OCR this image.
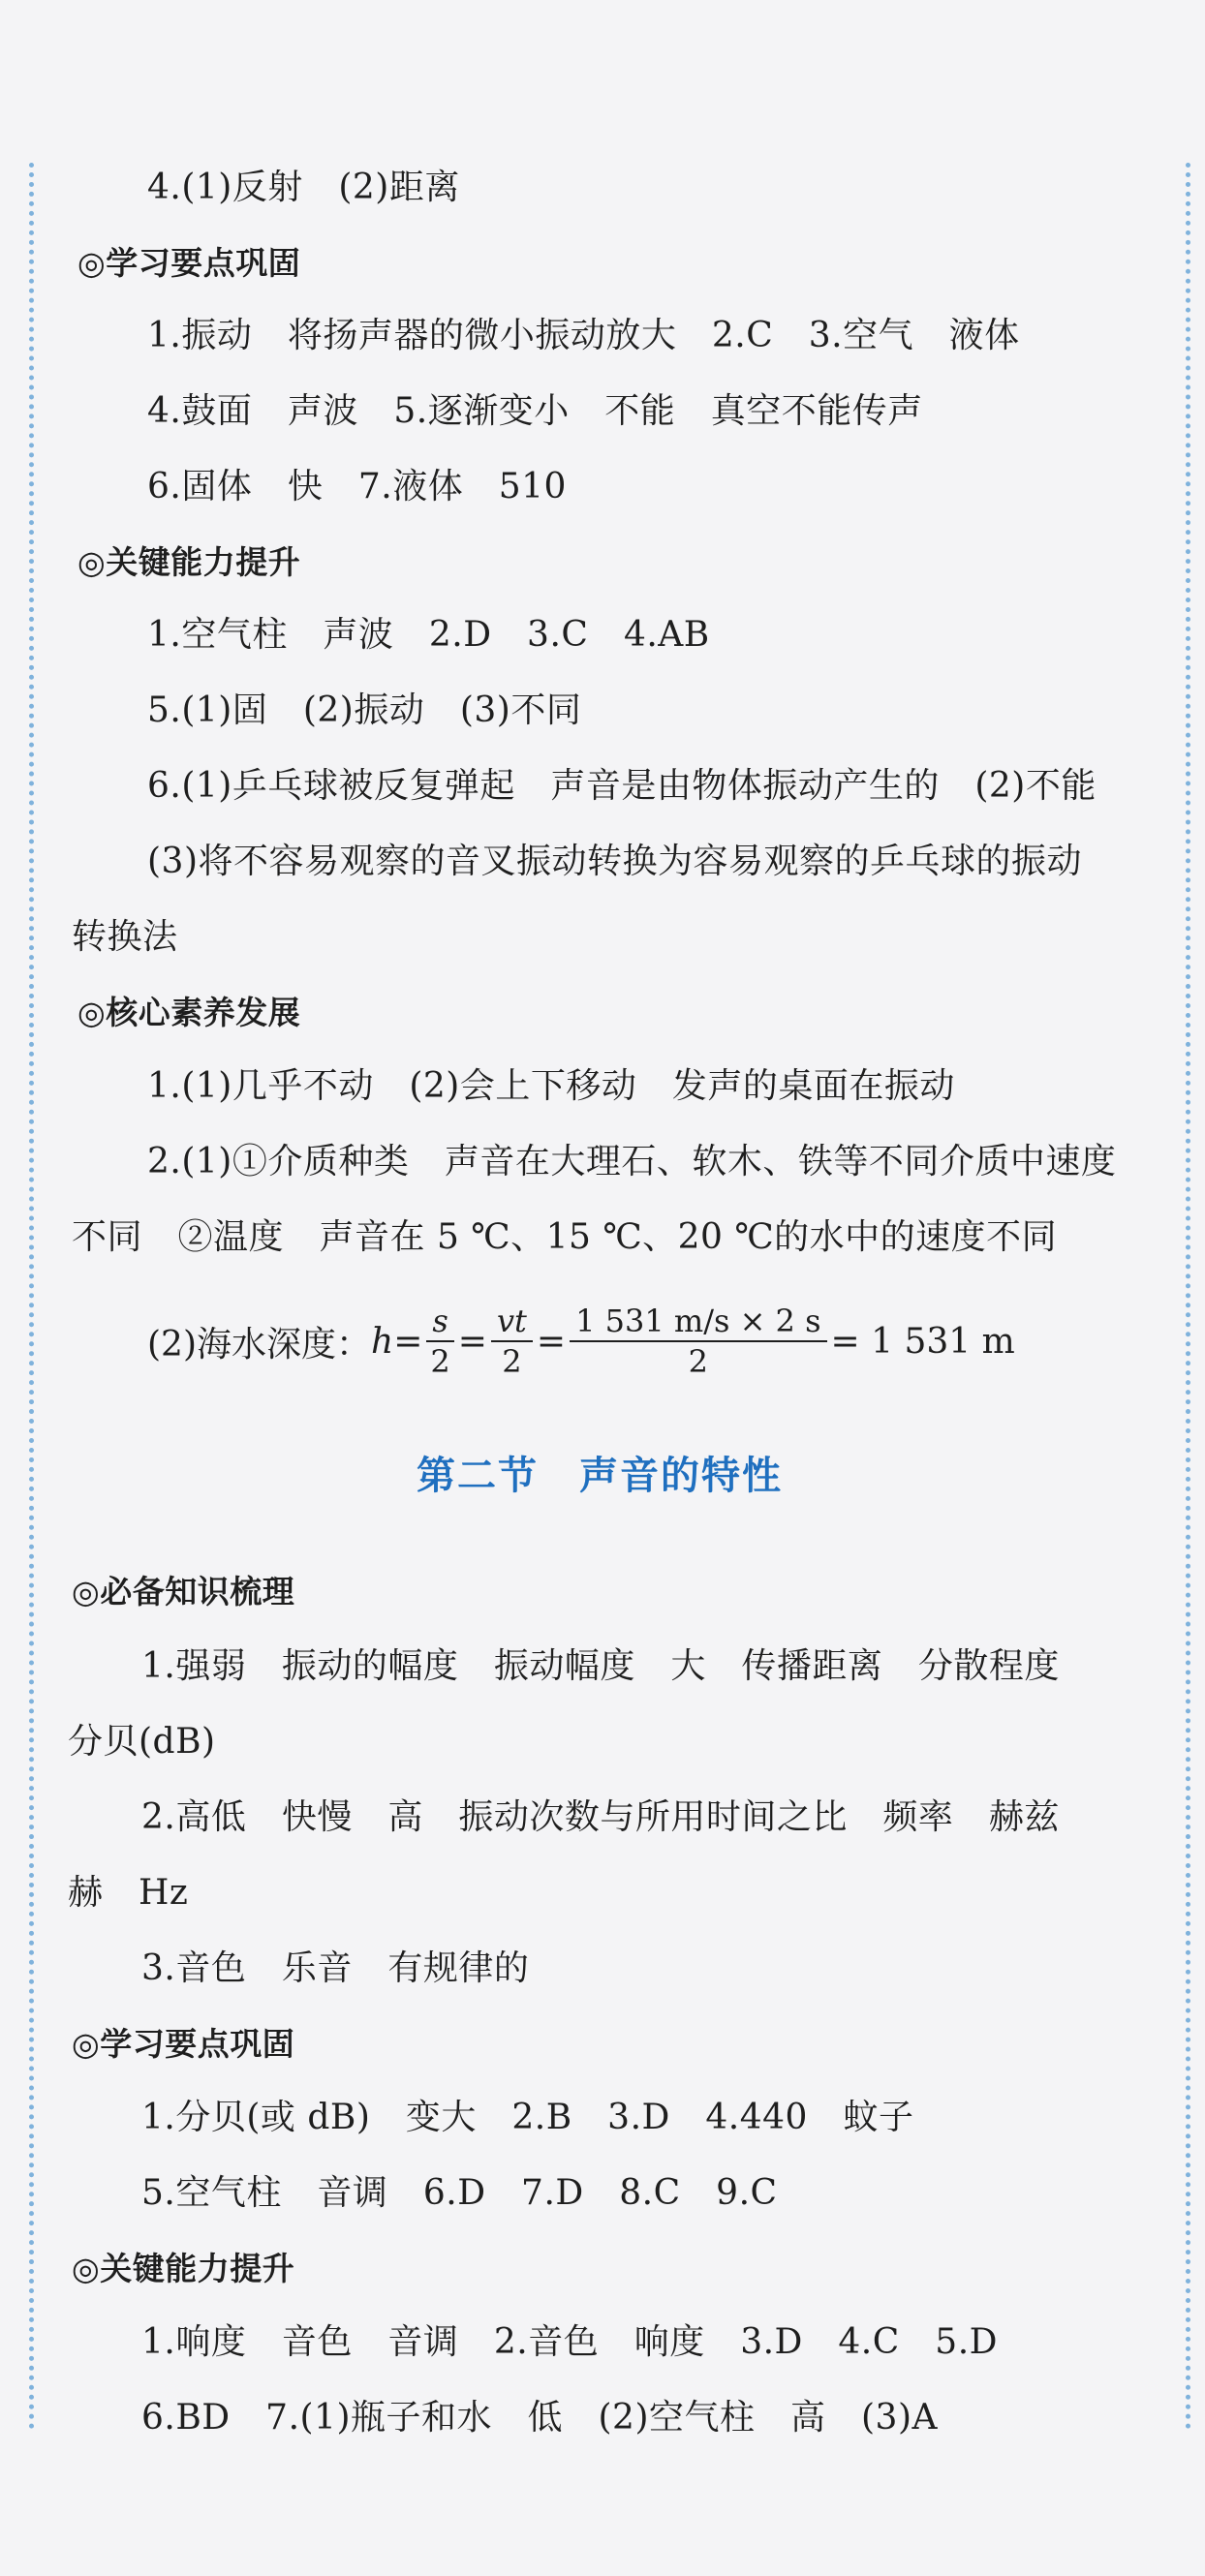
4.(1)反射　(2)距离
◎学习要点巩固
1.振动　将扬声器的微小振动放大　2.C　3.空气　液体
4.鼓面　声波　5.逐渐变小　不能　真空不能传声
6.固体　快　7.液体　510
◎关键能力提升
1.空气柱　声波　2.D　3.C　4.AB
5.(1)固　(2)振动　(3)不同
6.(1)乒乓球被反复弹起　声音是由物体振动产生的　(2)不能
(3)将不容易观察的音叉振动转换为容易观察的乒乓球的振动
转换法
◎核心素养发展
1.(1)几乎不动　(2)会上下移动　发声的桌面在振动
2.(1)①介质种类　声音在大理石、软木、铁等不同介质中速度
不同　②温度　声音在 5 ℃、15 ℃、20 ℃的水中的速度不同
(2)海水深度： $h = \frac{s}{2} = \frac{vt}{2} = \frac{1 531 m/s \times 2 s}{2} = 1$ 531 m
第二节　声音的特性
◎必备知识梳理
1.强弱　振动的幅度　振动幅度　大　传播距离　分散程度
分贝(dB)
2.高低　快慢　高　振动次数与所用时间之比　频率　赫兹
赫　Hz
3.音色　乐音　有规律的
◎学习要点巩固
1.分贝(或 dB)　变大　2.B　3.D　4.440　蚊子
5.空气柱　音调　6.D　7.D　8.C　9.C
◎关键能力提升
1.响度　音色　音调　2.音色　响度　3.D　4.C　5.D
6.BD　7.(1)瓶子和水　低　(2)空气柱　高　(3)A
